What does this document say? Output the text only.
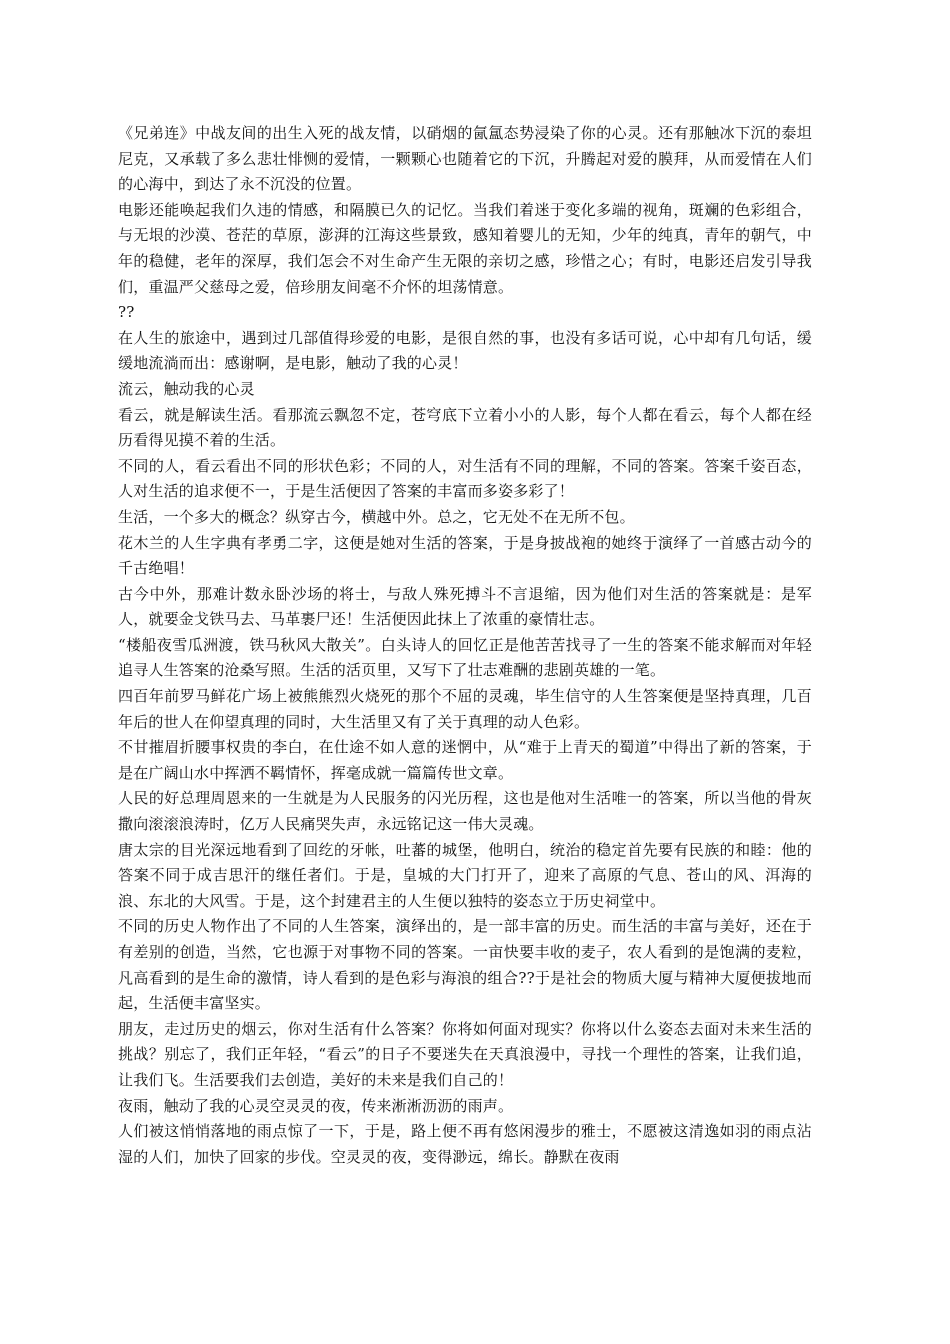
《兄弟连》中战友间的出生入死的战友情，以硝烟的氤氲态势浸染了你的心灵。还有那触冰下沉的泰坦尼克，又承载了多么悲壮悱恻的爱情，一颗颗心也随着它的下沉，升腾起对爱的膜拜，从而爱情在人们的心海中，到达了永不沉没的位置。

电影还能唤起我们久违的情感，和隔膜已久的记忆。当我们着迷于变化多端的视角，斑斓的色彩组合，与无垠的沙漠、苍茫的草原，澎湃的江海这些景致，感知着婴儿的无知，少年的纯真，青年的朝气，中年的稳健，老年的深厚，我们怎会不对生命产生无限的亲切之感，珍惜之心；有时，电影还启发引导我们，重温严父慈母之爱，倍珍朋友间毫不介怀的坦荡情意。

??

在人生的旅途中，遇到过几部值得珍爱的电影，是很自然的事，也没有多话可说，心中却有几句话，缓缓地流淌而出：感谢啊，是电影，触动了我的心灵！

流云，触动我的心灵

看云，就是解读生活。看那流云飘忽不定，苍穹底下立着小小的人影，每个人都在看云，每个人都在经历看得见摸不着的生活。

不同的人，看云看出不同的形状色彩；不同的人，对生活有不同的理解，不同的答案。答案千姿百态，人对生活的追求便不一，于是生活便因了答案的丰富而多姿多彩了！

生活，一个多大的概念？纵穿古今，横越中外。总之，它无处不在无所不包。

花木兰的人生字典有孝勇二字，这便是她对生活的答案，于是身披战袍的她终于演绎了一首感古动今的千古绝唱！

古今中外，那难计数永卧沙场的将士，与敌人殊死搏斗不言退缩，因为他们对生活的答案就是：是军人，就要金戈铁马去、马革裹尸还！生活便因此抹上了浓重的豪情壮志。

“楼船夜雪瓜洲渡，铁马秋风大散关”。白头诗人的回忆正是他苦苦找寻了一生的答案不能求解而对年轻追寻人生答案的沧桑写照。生活的活页里，又写下了壮志难酬的悲剧英雄的一笔。

四百年前罗马鲜花广场上被熊熊烈火烧死的那个不屈的灵魂，毕生信守的人生答案便是坚持真理，几百年后的世人在仰望真理的同时，大生活里又有了关于真理的动人色彩。

不甘摧眉折腰事权贵的李白，在仕途不如人意的迷惘中，从“难于上青天的蜀道”中得出了新的答案，于是在广阔山水中挥洒不羁情怀，挥毫成就一篇篇传世文章。

人民的好总理周恩来的一生就是为人民服务的闪光历程，这也是他对生活唯一的答案，所以当他的骨灰撒向滚滚浪涛时，亿万人民痛哭失声，永远铭记这一伟大灵魂。

唐太宗的目光深远地看到了回纥的牙帐，吐蕃的城堡，他明白，统治的稳定首先要有民族的和睦：他的答案不同于成吉思汗的继任者们。于是，皇城的大门打开了，迎来了高原的气息、苍山的风、洱海的浪、东北的大风雪。于是，这个封建君主的人生便以独特的姿态立于历史祠堂中。

不同的历史人物作出了不同的人生答案，演绎出的，是一部丰富的历史。而生活的丰富与美好，还在于有差别的创造，当然，它也源于对事物不同的答案。一亩快要丰收的麦子，农人看到的是饱满的麦粒，凡高看到的是生命的激情，诗人看到的是色彩与海浪的组合??于是社会的物质大厦与精神大厦便拔地而起，生活便丰富坚实。

朋友，走过历史的烟云，你对生活有什么答案？你将如何面对现实？你将以什么姿态去面对未来生活的挑战？别忘了，我们正年轻，“看云”的日子不要迷失在天真浪漫中，寻找一个理性的答案，让我们追，让我们飞。生活要我们去创造，美好的未来是我们自己的！

夜雨，触动了我的心灵空灵灵的夜，传来淅淅沥沥的雨声。

人们被这悄悄落地的雨点惊了一下，于是，路上便不再有悠闲漫步的雅士，不愿被这清逸如羽的雨点沾湿的人们，加快了回家的步伐。空灵灵的夜，变得渺远，绵长。静默在夜雨
